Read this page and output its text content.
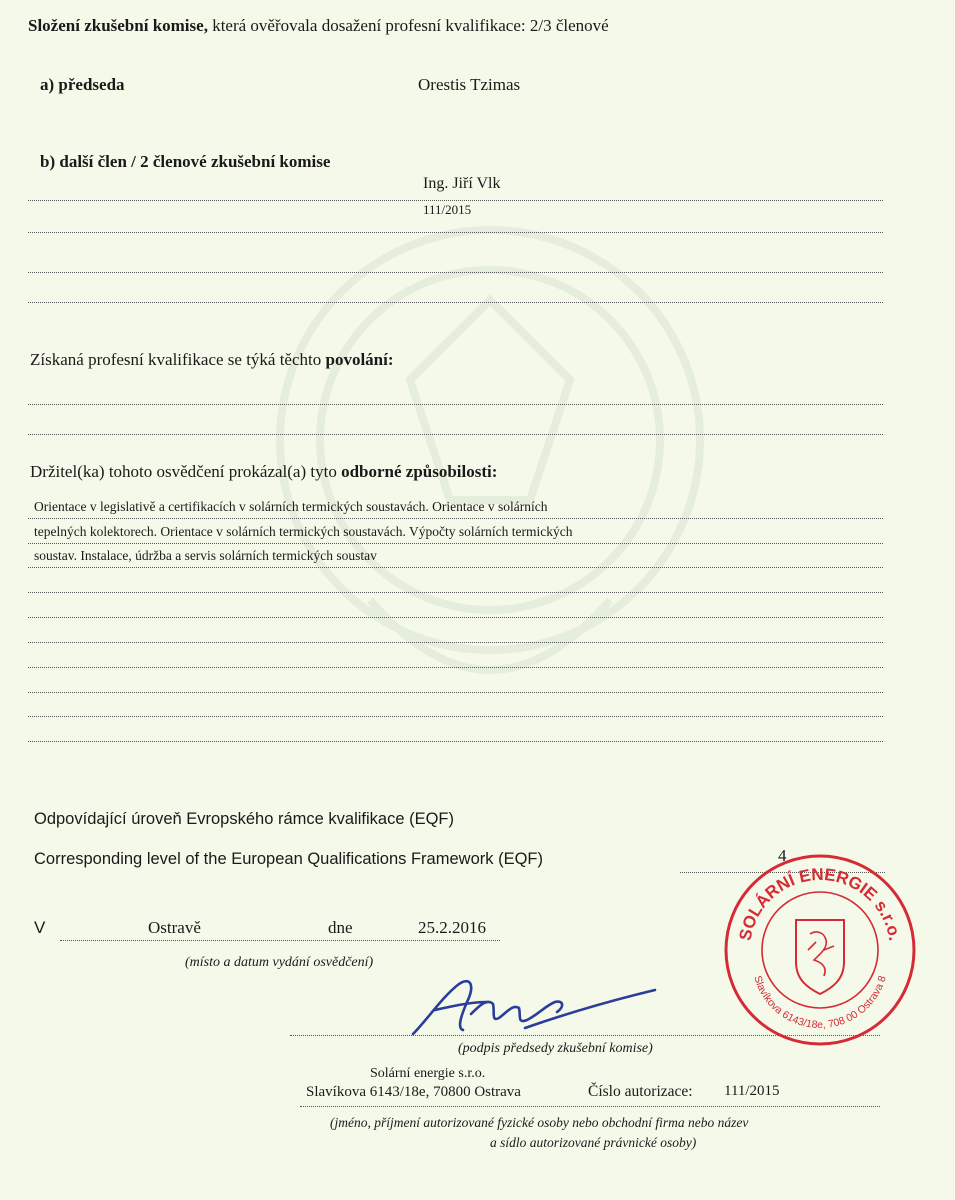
Složení zkušební komise, která ověřovala dosažení profesní kvalifikace: 2/3 členové
a) předseda	Orestis Tzimas
b) další člen / 2 členové zkušební komise
Ing. Jiří Vlk
111/2015
Získaná profesní kvalifikace se týká těchto povolání:
Držitel(ka) tohoto osvědčení prokázal(a) tyto odborné způsobilosti:
Orientace v legislativě a certifikacích v solárních termických soustavách. Orientace v solárních
tepelných kolektorech. Orientace v solárních termických soustavách. Výpočty solárních termických
soustav. Instalace, údržba a servis solárních termických soustav
Odpovídající úroveň Evropského rámce kvalifikace (EQF)
Corresponding level of the European Qualifications Framework (EQF)	4
V	Ostravě	dne	25.2.2016
(místo a datum vydání osvědčení)
(podpis předsedy zkušební komise)
SOLÁRNÍ ENERGIE s.r.o.
Slavíkova 6143/18e, 708 00 Ostrava 8
Solární energie s.r.o.
Slavíkova 6143/18e, 70800 Ostrava	Číslo autorizace: 111/2015
(jméno, příjmení autorizované fyzické osoby nebo obchodní firma nebo název
a sídlo autorizované právnické osoby)
